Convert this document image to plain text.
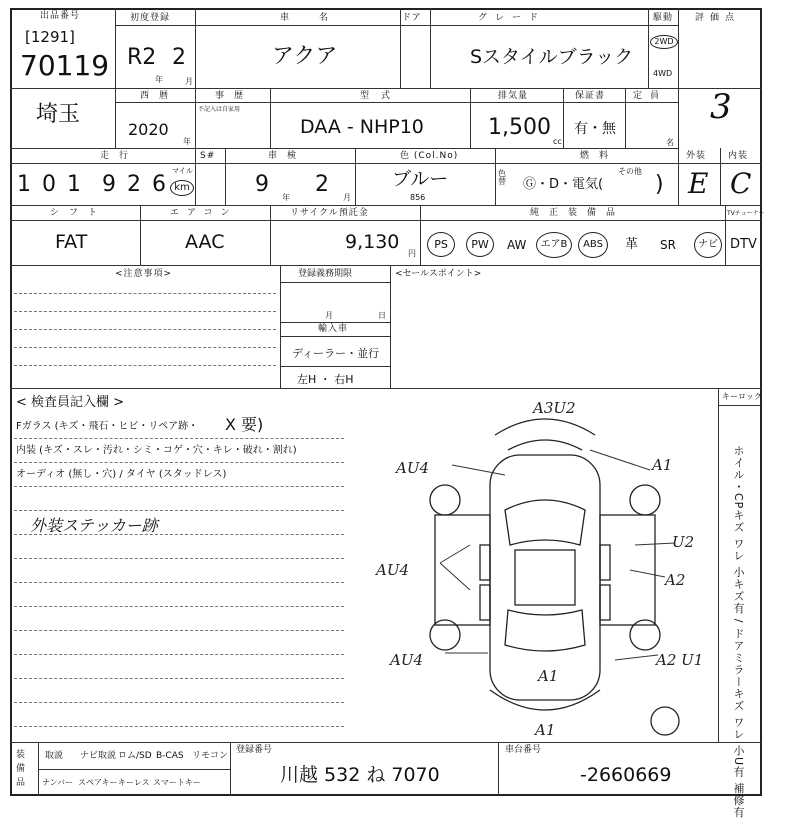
出品番号
[1291]
70119
初度登録
R2 2
年	月
車名
アクア
ドア	グレード
Sスタイルブラック
駆動
2WD
4WD
評価点
3
埼玉
西暦
2020
年
事歴
不記入は自家用
型式
DAA - NHP10
排気量
1,500
cc
保証書
有・無
定員
名
走行
1 0 1 9 2 6
マイル
km
S#	車検
9
年
2
月
色 (Col.No)
ブルー
856
色替
燃料
Ⓖ・D・電気(
その他
)
外装
E
内装
C
シフト
FAT
エアコン
AAC
リサイクル預託金
9,130
円
純正装備品
PS	PW	AW	エアB	ABS	革 SR	ナビ
TVチューナー
DTV
<注意事項>	登録義務期限
月	日
輸入車
ディーラー・並行
左H ・ 右H
<セールスポイント>
< 検査員記入欄 >
Fガラス (キズ・飛石・ヒビ・リペア跡・ X 要)
内装 (キズ・スレ・汚れ・シミ・コゲ・穴・キレ・破れ・割れ)
オーディオ (無し・穴) / タイヤ (スタッドレス)
外装ステッカー跡
キーロック
ホイル・CPキズ ワレ 小キズ有 / ドアミラーキズ ワレ 小U有 補修有
A3U2
AU4
AU4
AU4
A1
U2
A2
A2 U1
A1
A1
装備品
取説 ナビ取説 ロム/SD B-CAS リモコン
ナンバー スペアキー キーレス スマートキー
登録番号
川越 532 ね 7070
車台番号
-2660669
